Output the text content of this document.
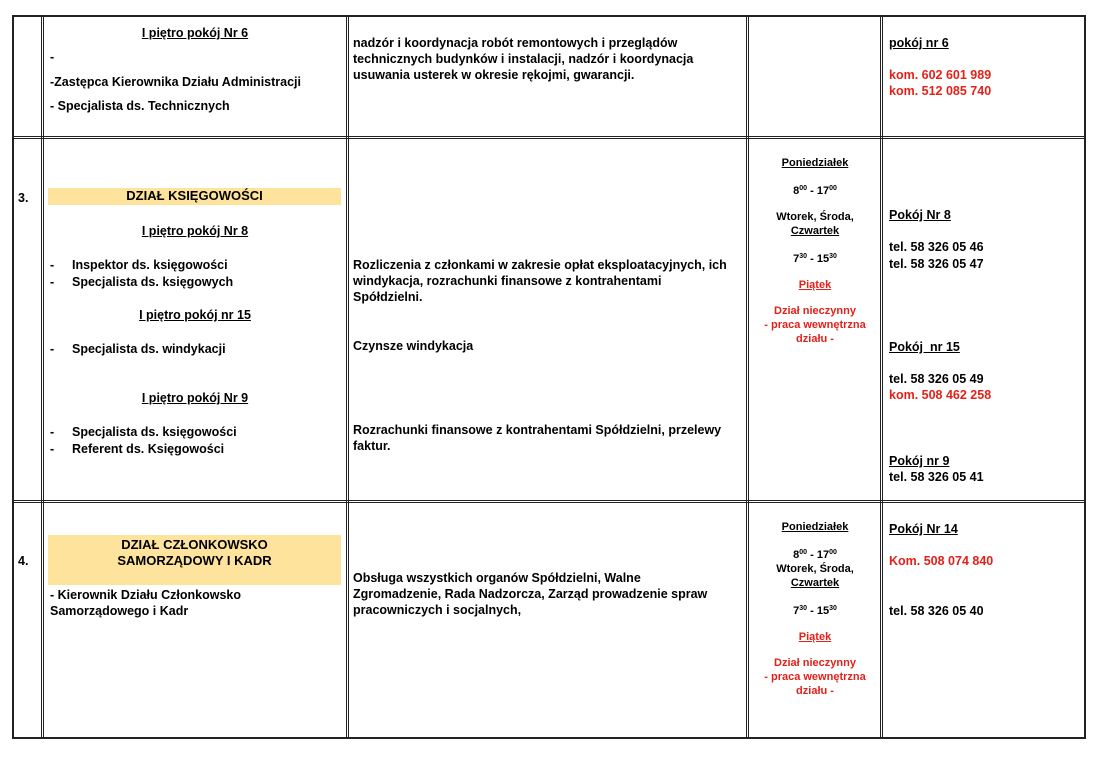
I piętro pokój Nr 6
-
-Zastępca Kierownika Działu Administracji
- Specjalista ds. Technicznych
nadzór i koordynacja robót remontowych i przeglądów technicznych budynków i instalacji, nadzór i koordynacja usuwania usterek w okresie rękojmi, gwarancji.
pokój nr 6
kom. 602 601 989
kom. 512 085 740
3.	DZIAŁ KSIĘGOWOŚCI
I piętro pokój Nr 8
- Inspektor ds. księgowości
- Specjalista ds. księgowych
I piętro pokój nr 15
- Specjalista ds. windykacji
I piętro pokój Nr 9
- Specjalista ds. księgowości
- Referent ds. Księgowości
Rozliczenia z członkami w zakresie opłat eksploatacyjnych, ich windykacja, rozrachunki finansowe z kontrahentami Spółdzielni.
Czynsze windykacja
Rozrachunki finansowe z kontrahentami Spółdzielni, przelewy faktur.
Poniedziałek
$8^{00} - 17^{00}$
Wtorek, Środa,
Czwartek
$7^{30} - 15^{30}$
Piątek
Dział nieczynny
- praca wewnętrzna
działu -
Pokój Nr 8
tel. 58 326 05 46
tel. 58 326 05 47
Pokój  nr 15
tel. 58 326 05 49
kom. 508 462 258
Pokój nr 9
tel. 58 326 05 41
4.
DZIAŁ CZŁONKOWSKO
SAMORZĄDOWY I KADR
- Kierownik Działu Członkowsko
Samorządowego i Kadr
Obsługa wszystkich organów Spółdzielni, Walne Zgromadzenie, Rada Nadzorcza, Zarząd prowadzenie spraw pracowniczych i socjalnych,
Poniedziałek
$8^{00} - 17^{00}$
Wtorek, Środa,
Czwartek
$7^{30} - 15^{30}$
Piątek
Dział nieczynny
- praca wewnętrzna
działu -
Pokój Nr 14
Kom. 508 074 840
tel. 58 326 05 40
